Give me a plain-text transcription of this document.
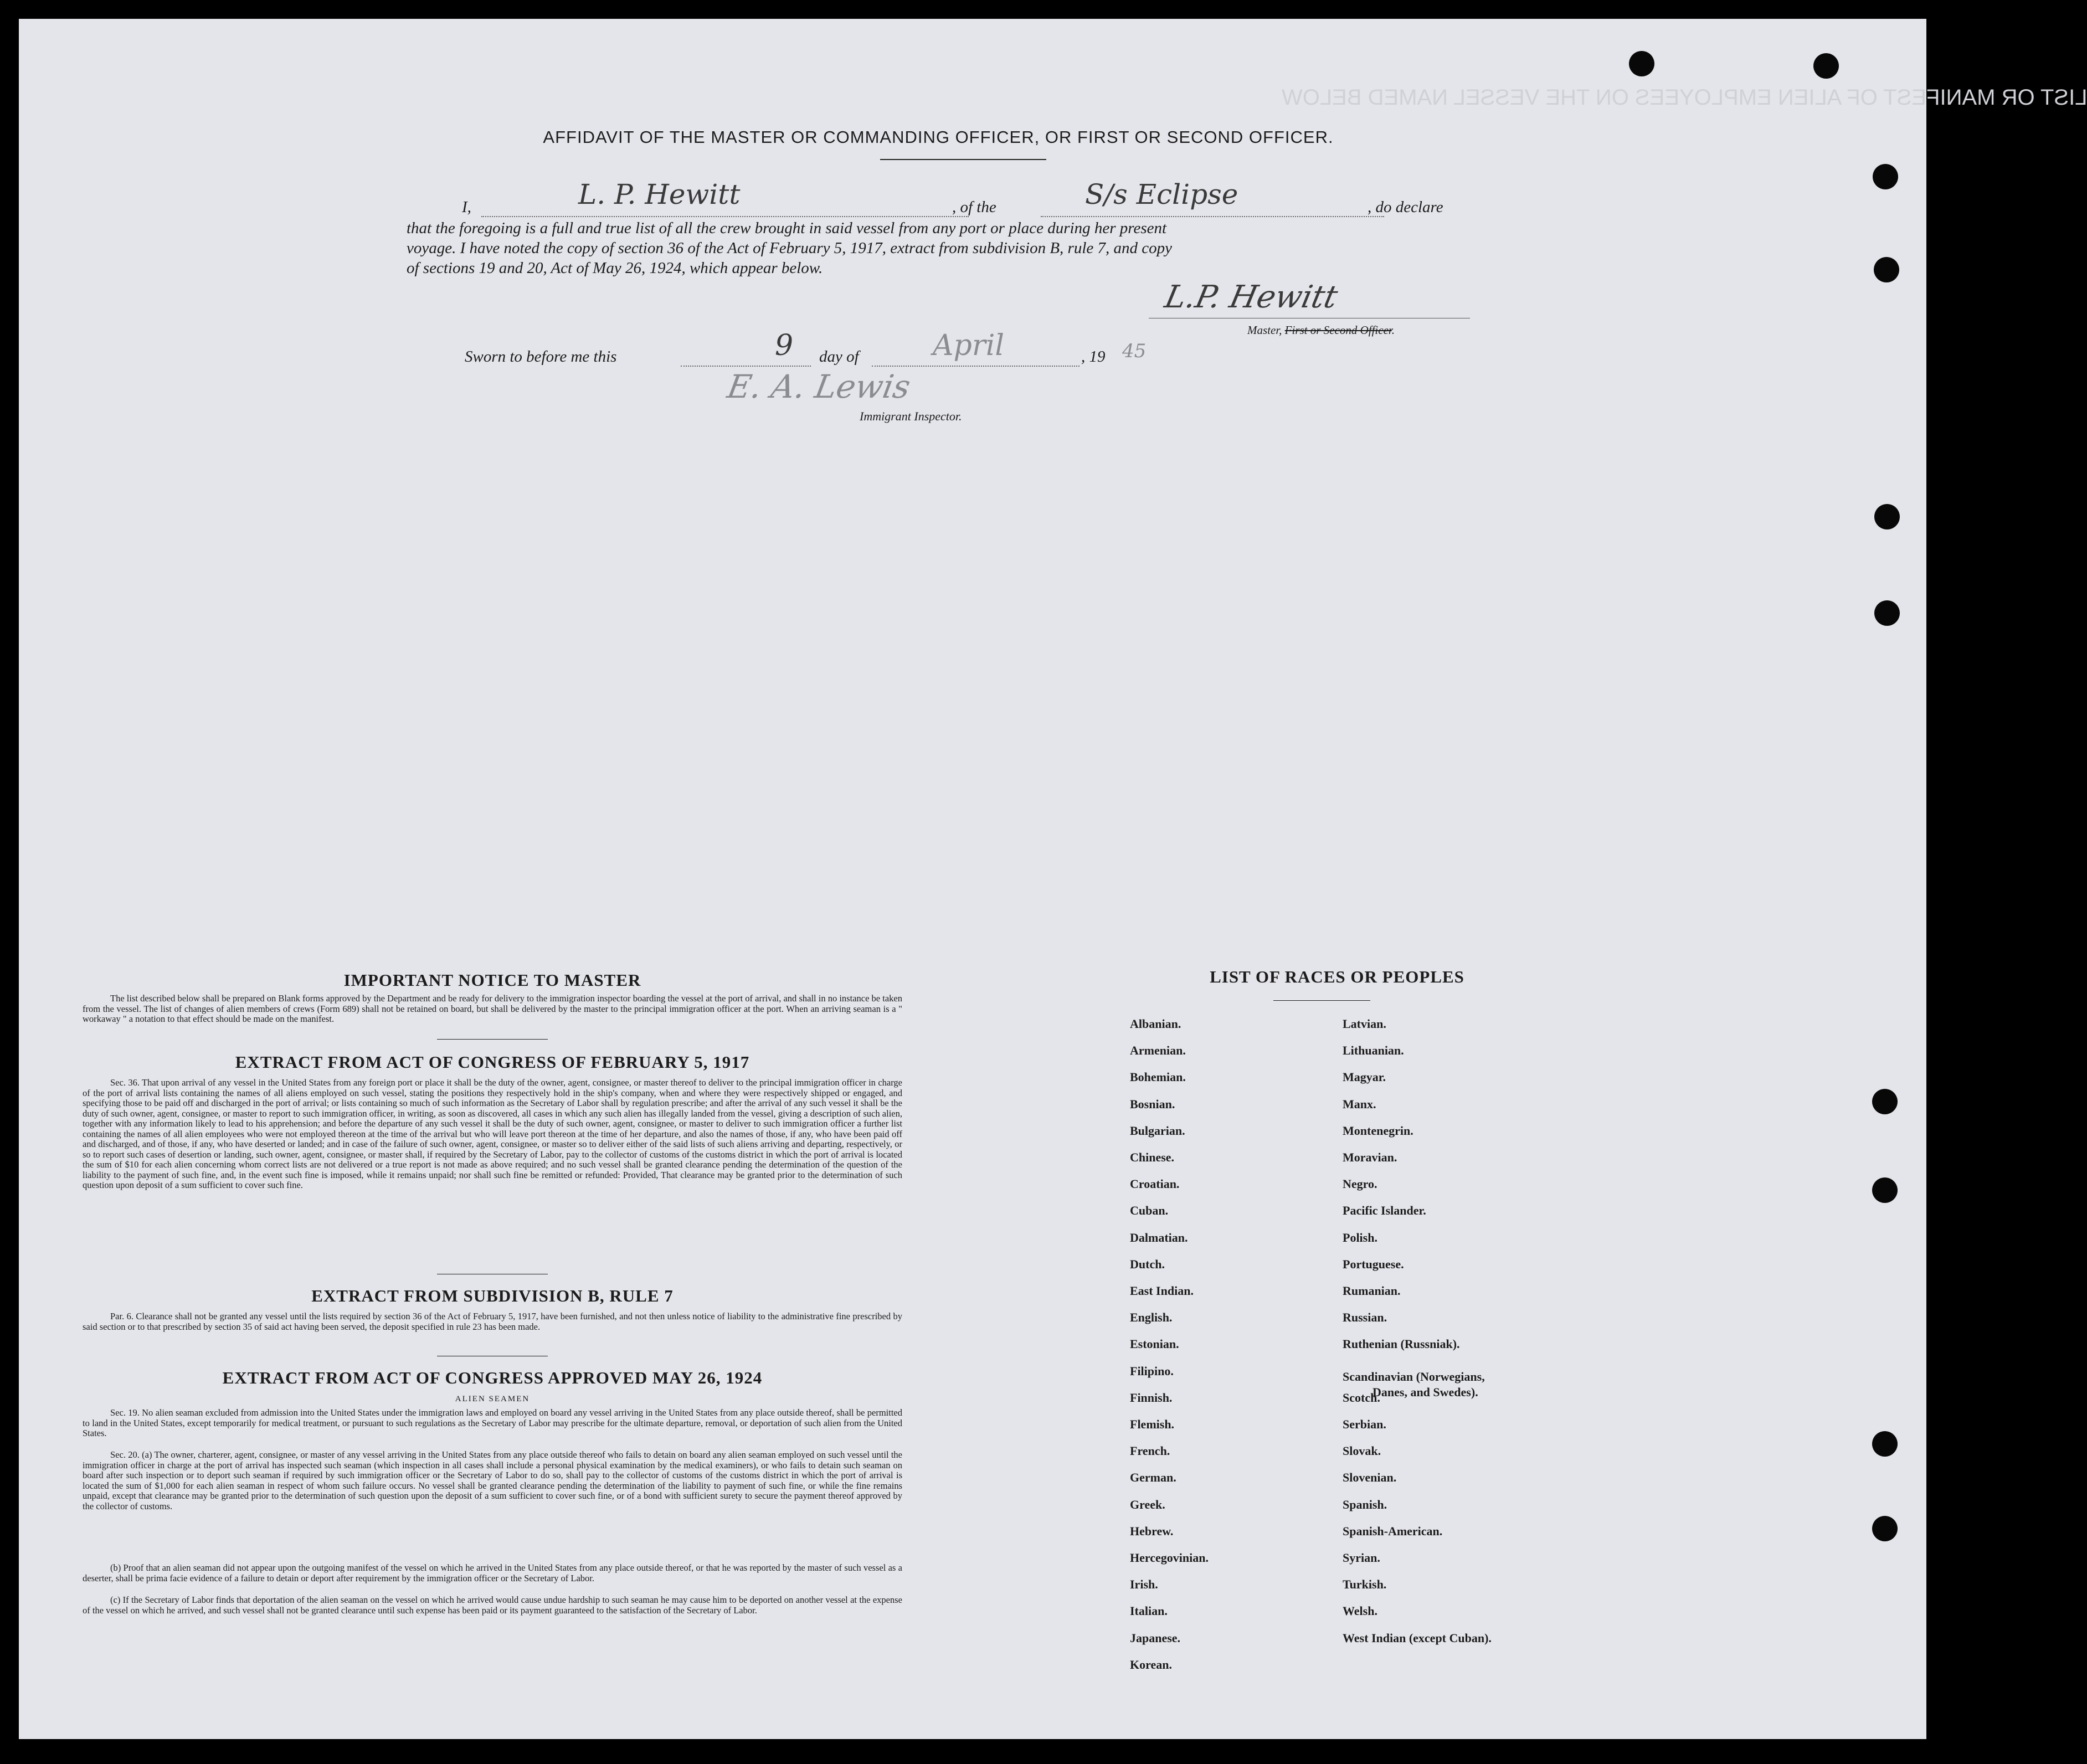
LIST OR MANIFEST OF ALIEN EMPLOYEES ON THE VESSEL NAMED BELOW
AFFIDAVIT OF THE MASTER OR COMMANDING OFFICER, OR FIRST OR SECOND OFFICER.
I,	L. P. Hewitt	, of the	S/s Eclipse	, do declare
that the foregoing is a full and true list of all the crew brought in said vessel from any port or place during her present
voyage. I have noted the copy of section 36 of the Act of February 5, 1917, extract from subdivision B, rule 7, and copy
of sections 19 and 20, Act of May 26, 1924, which appear below.
L.P. Hewitt
Master, First or Second Officer.
Sworn to before me this	9 day of	April	, 19 45
E. A. Lewis
Immigrant Inspector.
IMPORTANT NOTICE TO MASTER
The list described below shall be prepared on Blank forms approved by the Department and be ready for delivery to the immigration inspector boarding the vessel at the port of arrival, and shall in no instance be taken from the vessel. The list of changes of alien members of crews (Form 689) shall not be retained on board, but shall be delivered by the master to the principal immigration officer at the port. When an arriving seaman is a " workaway " a notation to that effect should be made on the manifest.
EXTRACT FROM ACT OF CONGRESS OF FEBRUARY 5, 1917
Sec. 36. That upon arrival of any vessel in the United States from any foreign port or place it shall be the duty of the owner, agent, consignee, or master thereof to deliver to the principal immigration officer in charge of the port of arrival lists containing the names of all aliens employed on such vessel, stating the positions they respectively hold in the ship's company, when and where they were respectively shipped or engaged, and specifying those to be paid off and discharged in the port of arrival; or lists containing so much of such information as the Secretary of Labor shall by regulation prescribe; and after the arrival of any such vessel it shall be the duty of such owner, agent, consignee, or master to report to such immigration officer, in writing, as soon as discovered, all cases in which any such alien has illegally landed from the vessel, giving a description of such alien, together with any information likely to lead to his apprehension; and before the departure of any such vessel it shall be the duty of such owner, agent, consignee, or master to deliver to such immigration officer a further list containing the names of all alien employees who were not employed thereon at the time of the arrival but who will leave port thereon at the time of her departure, and also the names of those, if any, who have been paid off and discharged, and of those, if any, who have deserted or landed; and in case of the failure of such owner, agent, consignee, or master so to deliver either of the said lists of such aliens arriving and departing, respectively, or so to report such cases of desertion or landing, such owner, agent, consignee, or master shall, if required by the Secretary of Labor, pay to the collector of customs of the customs district in which the port of arrival is located the sum of $10 for each alien concerning whom correct lists are not delivered or a true report is not made as above required; and no such vessel shall be granted clearance pending the determination of the question of the liability to the payment of such fine, and, in the event such fine is imposed, while it remains unpaid; nor shall such fine be remitted or refunded: Provided, That clearance may be granted prior to the determination of such question upon deposit of a sum sufficient to cover such fine.
EXTRACT FROM SUBDIVISION B, RULE 7
Par. 6. Clearance shall not be granted any vessel until the lists required by section 36 of the Act of February 5, 1917, have been furnished, and not then unless notice of liability to the administrative fine prescribed by said section or to that prescribed by section 35 of said act having been served, the deposit specified in rule 23 has been made.
EXTRACT FROM ACT OF CONGRESS APPROVED MAY 26, 1924
ALIEN SEAMEN
Sec. 19. No alien seaman excluded from admission into the United States under the immigration laws and employed on board any vessel arriving in the United States from any place outside thereof, shall be permitted to land in the United States, except temporarily for medical treatment, or pursuant to such regulations as the Secretary of Labor may prescribe for the ultimate departure, removal, or deportation of such alien from the United States.
Sec. 20. (a) The owner, charterer, agent, consignee, or master of any vessel arriving in the United States from any place outside thereof who fails to detain on board any alien seaman employed on such vessel until the immigration officer in charge at the port of arrival has inspected such seaman (which inspection in all cases shall include a personal physical examination by the medical examiners), or who fails to detain such seaman on board after such inspection or to deport such seaman if required by such immigration officer or the Secretary of Labor to do so, shall pay to the collector of customs of the customs district in which the port of arrival is located the sum of $1,000 for each alien seaman in respect of whom such failure occurs. No vessel shall be granted clearance pending the determination of the liability to payment of such fine, or while the fine remains unpaid, except that clearance may be granted prior to the determination of such question upon the deposit of a sum sufficient to cover such fine, or of a bond with sufficient surety to secure the payment thereof approved by the collector of customs.
(b) Proof that an alien seaman did not appear upon the outgoing manifest of the vessel on which he arrived in the United States from any place outside thereof, or that he was reported by the master of such vessel as a deserter, shall be prima facie evidence of a failure to detain or deport after requirement by the immigration officer or the Secretary of Labor.
(c) If the Secretary of Labor finds that deportation of the alien seaman on the vessel on which he arrived would cause undue hardship to such seaman he may cause him to be deported on another vessel at the expense of the vessel on which he arrived, and such vessel shall not be granted clearance until such expense has been paid or its payment guaranteed to the satisfaction of the Secretary of Labor.
LIST OF RACES OR PEOPLES
Albanian.
Armenian.
Bohemian.
Bosnian.
Bulgarian.
Chinese.
Croatian.
Cuban.
Dalmatian.
Dutch.
East Indian.
English.
Estonian.
Filipino.
Finnish.
Flemish.
French.
German.
Greek.
Hebrew.
Hercegovinian.
Irish.
Italian.
Japanese.
Korean.
Latvian.
Lithuanian.
Magyar.
Manx.
Montenegrin.
Moravian.
Negro.
Pacific Islander.
Polish.
Portuguese.
Rumanian.
Russian.
Ruthenian (Russniak).
Scandinavian (Norwegians,
Danes, and Swedes).
Scotch.
Serbian.
Slovak.
Slovenian.
Spanish.
Spanish-American.
Syrian.
Turkish.
Welsh.
West Indian (except Cuban).
